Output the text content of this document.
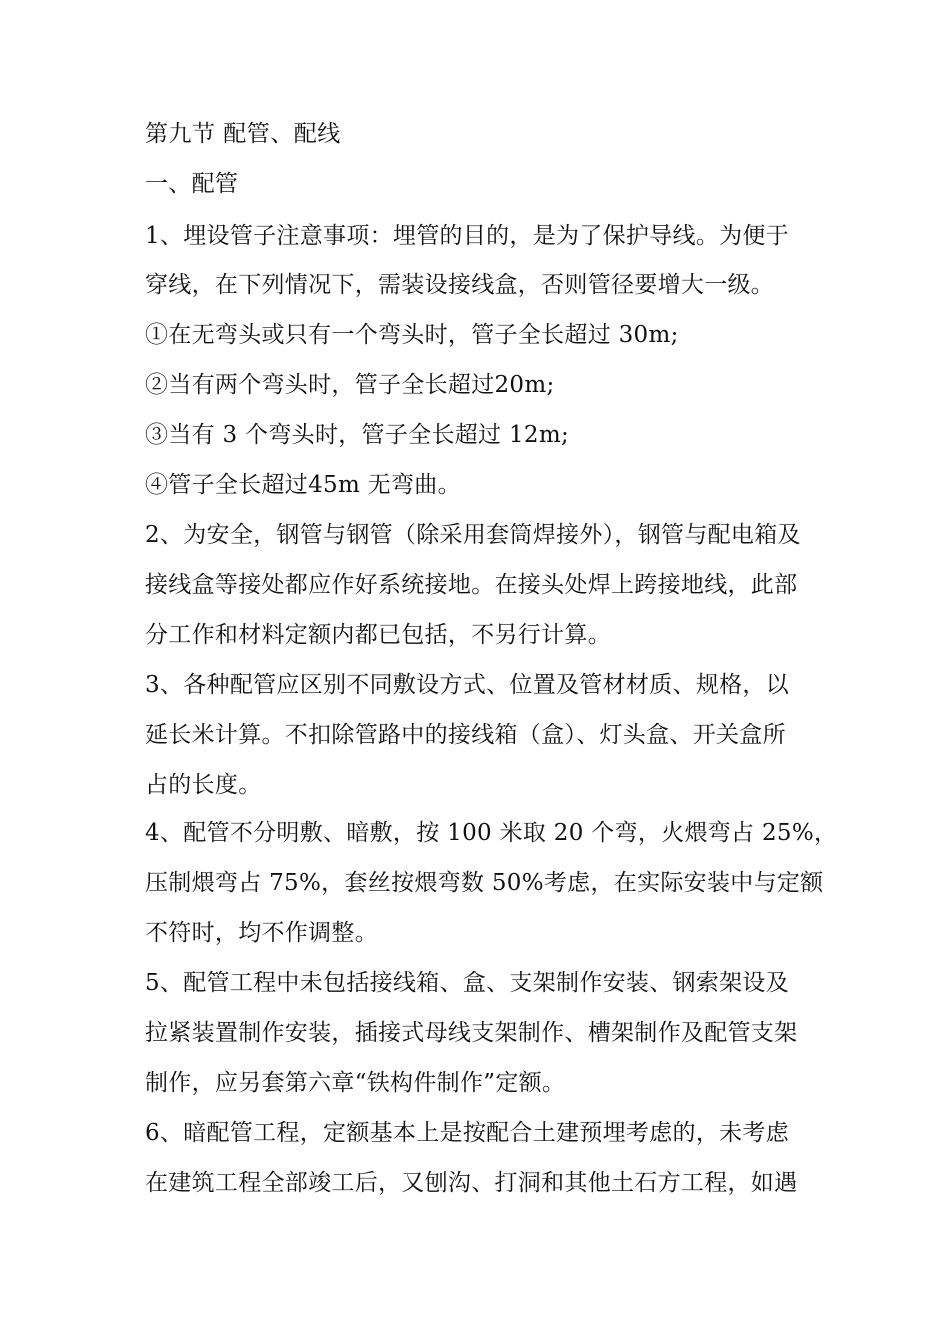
第九节 配管、配线
一、配管
1、埋设管子注意事项：埋管的目的，是为了保护导线。为便于
穿线，在下列情况下，需装设接线盒，否则管径要增大一级。
①在无弯头或只有一个弯头时，管子全长超过 30m;
②当有两个弯头时，管子全长超过20m;
③当有 3 个弯头时，管子全长超过 12m;
④管子全长超过45m 无弯曲。
2、为安全，钢管与钢管（除采用套筒焊接外），钢管与配电箱及
接线盒等接处都应作好系统接地。在接头处焊上跨接地线，此部
分工作和材料定额内都已包括，不另行计算。
3、各种配管应区别不同敷设方式、位置及管材材质、规格，以
延长米计算。不扣除管路中的接线箱（盒）、灯头盒、开关盒所
占的长度。
4、配管不分明敷、暗敷，按 100 米取 20 个弯，火煨弯占 25%，
压制煨弯占 75%，套丝按煨弯数 50%考虑，在实际安装中与定额
不符时，均不作调整。
5、配管工程中未包括接线箱、盒、支架制作安装、钢索架设及
拉紧装置制作安装，插接式母线支架制作、槽架制作及配管支架
制作，应另套第六章“铁构件制作”定额。
6、暗配管工程，定额基本上是按配合土建预埋考虑的，未考虑
在建筑工程全部竣工后，又刨沟、打洞和其他土石方工程，如遇
